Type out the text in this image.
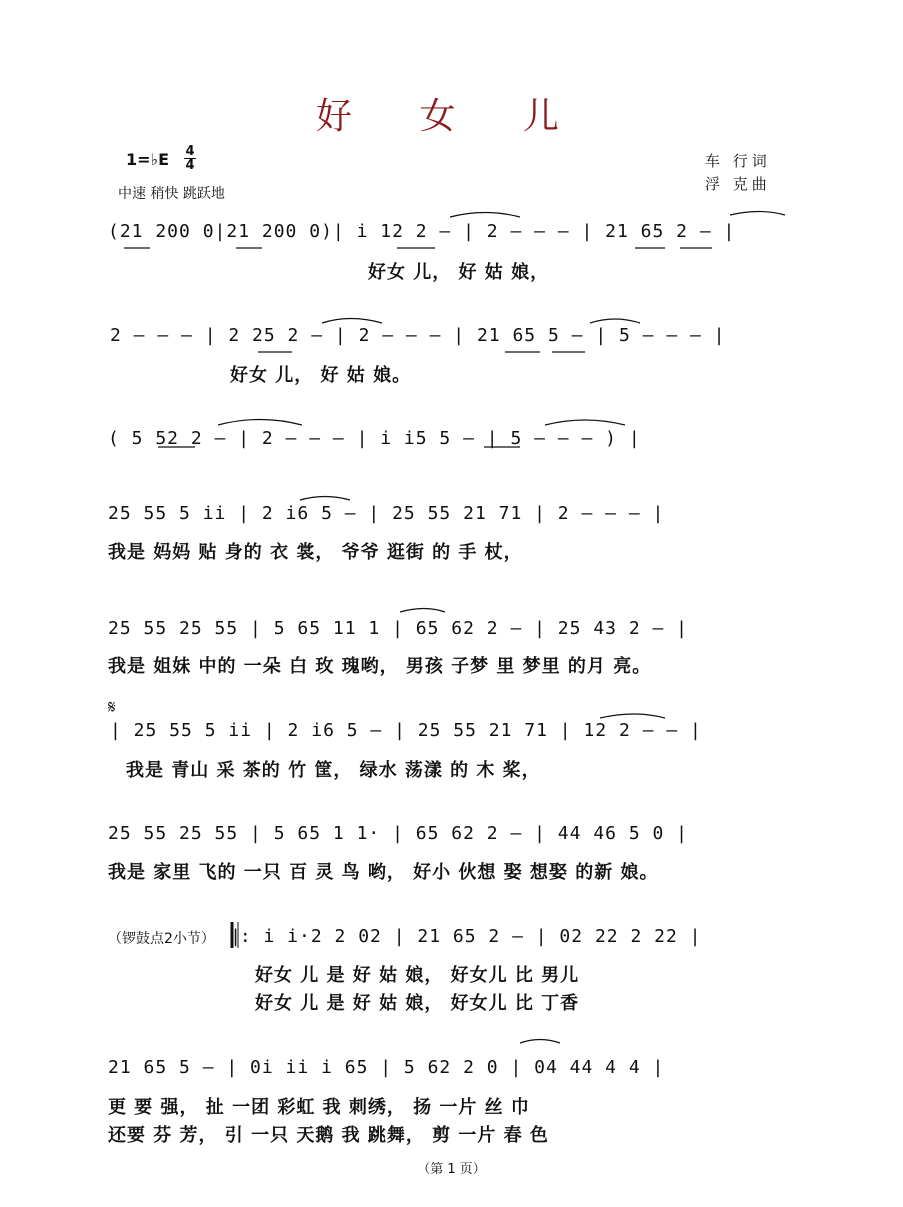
好 女 儿
1=♭E 4
4
中速 稍快 跳跃地
车 行词
浮 克曲
𝄋
(21 200 0|21 200 0)| i 12 2 – | 2 – – – | 21 65 2 – |
好女 儿， 好 姑 娘，
2 – – – | 2 25 2 – | 2 – – – | 21 65 5 – | 5 – – – |
好女 儿， 好 姑 娘。
( 5 52 2 – | 2 – – – | i i5 5 – | 5 – – – ) |
25 55 5 ii | 2 i6 5 – | 25 55 21 71 | 2 – – – |
我是 妈妈 贴 身的 衣 裳， 爷爷 逛街 的 手 杖，
25 55 25 55 | 5 65 11 1 | 65 62 2 – | 25 43 2 – |
我是 姐妹 中的 一朵 白 玫 瑰哟， 男孩 子梦 里 梦里 的月 亮。
| 25 55 5 ii | 2 i6 5 – | 25 55 21 71 | 12 2 – – |
我是 青山 采 茶的 竹 筐， 绿水 荡漾 的 木 桨，
25 55 25 55 | 5 65 1 1· | 65 62 2 – | 44 46 5 0 |
我是 家里 飞的 一只 百 灵 鸟 哟， 好小 伙想 娶 想娶 的新 娘。
（锣鼓点2小节） ‖: i i·2 2 02 | 21 65 2 – | 02 22 2 22 |
好女 儿 是 好 姑 娘， 好女儿 比 男儿
好女 儿 是 好 姑 娘， 好女儿 比 丁香
21 65 5 – | 0i ii i 65 | 5 62 2 0 | 04 44 4 4 |
更 要 强， 扯 一团 彩虹 我 刺绣， 扬 一片 丝 巾
还要 芬 芳， 引 一只 天鹅 我 跳舞， 剪 一片 春 色
（第 1 页）
